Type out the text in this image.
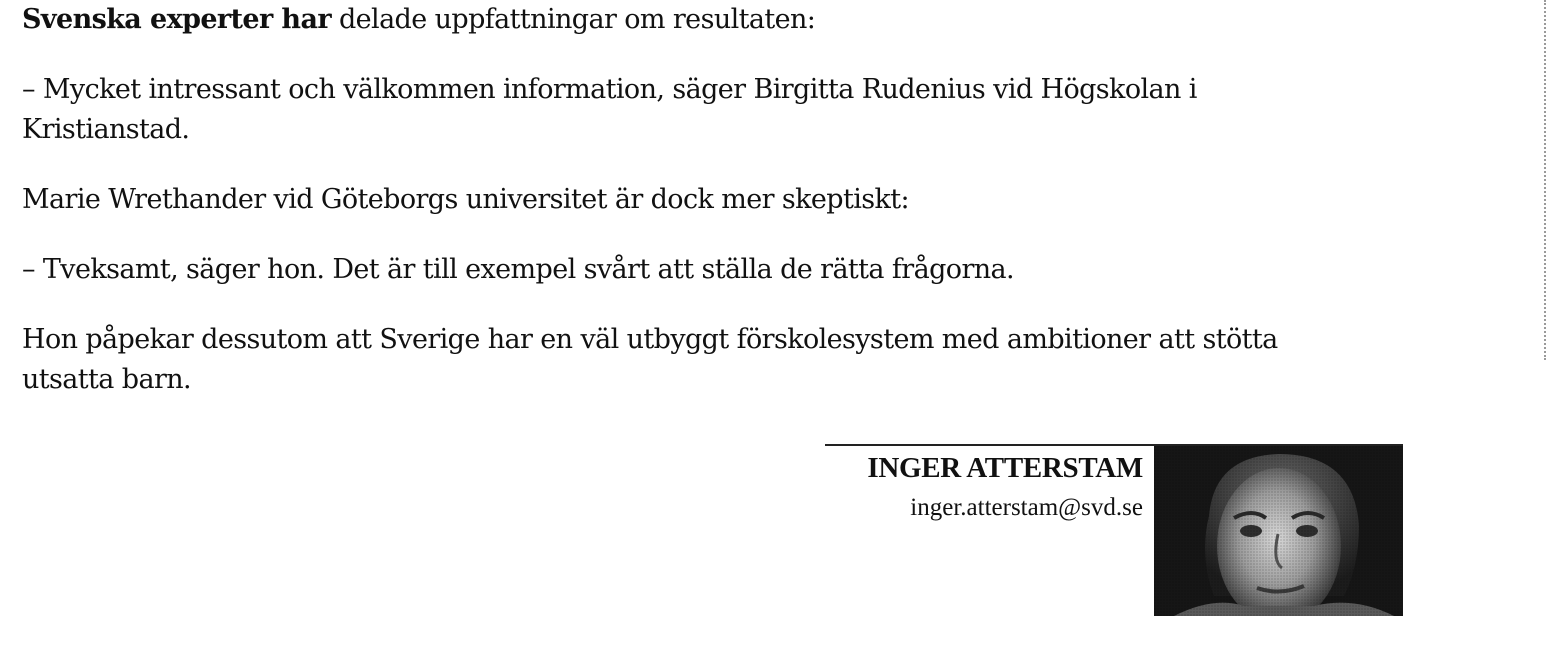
Svenska experter har delade uppfattningar om resultaten:

– Mycket intressant och välkommen information, säger Birgitta Rudenius vid Högskolan i
Kristianstad.

Marie Wrethander vid Göteborgs universitet är dock mer skeptiskt:

– Tveksamt, säger hon. Det är till exempel svårt att ställa de rätta frågorna.

Hon påpekar dessutom att Sverige har en väl utbyggt förskolesystem med ambitioner att stötta
utsatta barn.

INGER ATTERSTAM
inger.atterstam@svd.se
